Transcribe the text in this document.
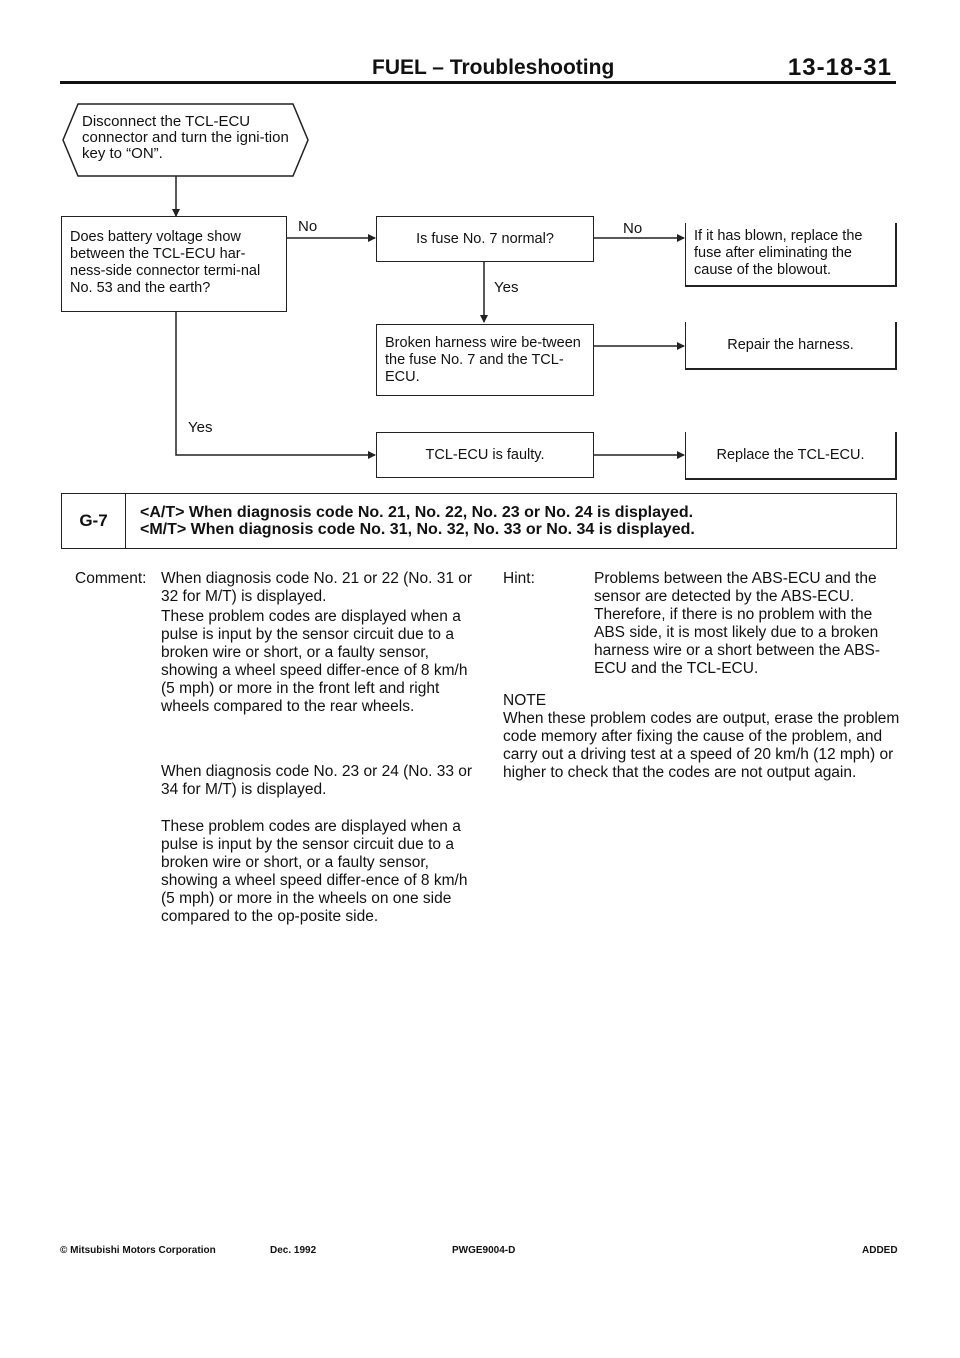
FUEL – Troubleshooting	13-18-31
Disconnect the TCL-ECU connector and turn the igni-tion key to “ON”.
Does battery voltage show between the TCL-ECU har-ness-side connector termi-nal No. 53 and the earth?
No
Yes
Is fuse No. 7 normal?
No
Yes
If it has blown, replace the fuse after eliminating the cause of the blowout.
Broken harness wire be-tween the fuse No. 7 and the TCL-ECU.
Repair the harness.
TCL-ECU is faulty.	Replace the TCL-ECU.
G-7	<A/T> When diagnosis code No. 21, No. 22, No. 23 or No. 24 is displayed.
<M/T> When diagnosis code No. 31, No. 32, No. 33 or No. 34 is displayed.
Comment: When diagnosis code No. 21 or 22 (No. 31 or 32 for M/T) is displayed.
These problem codes are displayed when a pulse is input by the sensor circuit due to a broken wire or short, or a faulty sensor, showing a wheel speed differ-ence of 8 km/h (5 mph) or more in the front left and right wheels compared to the rear wheels.
When diagnosis code No. 23 or 24 (No. 33 or 34 for M/T) is displayed.
These problem codes are displayed when a pulse is input by the sensor circuit due to a broken wire or short, or a faulty sensor, showing a wheel speed differ-ence of 8 km/h (5 mph) or more in the wheels on one side compared to the op-posite side.
Hint:	Problems between the ABS-ECU and the sensor are detected by the ABS-ECU. Therefore, if there is no problem with the ABS side, it is most likely due to a broken harness wire or a short between the ABS-ECU and the TCL-ECU.
NOTE
When these problem codes are output, erase the problem code memory after fixing the cause of the problem, and carry out a driving test at a speed of 20 km/h (12 mph) or higher to check that the codes are not output again.
© Mitsubishi Motors Corporation	Dec. 1992	PWGE9004-D	ADDED
